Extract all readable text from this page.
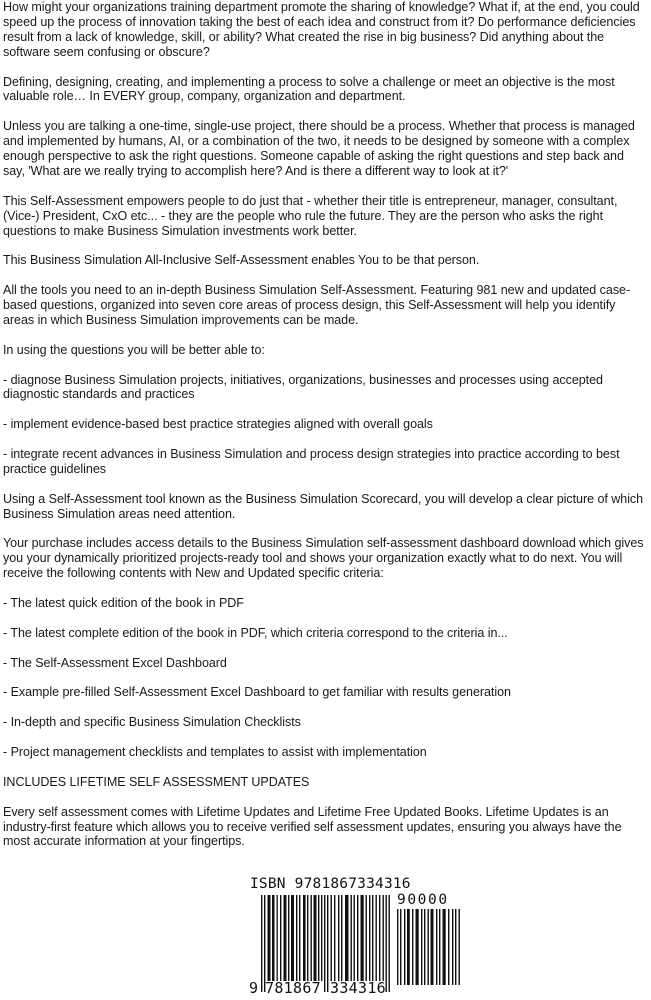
How might your organizations training department promote the sharing of knowledge? What if, at the end, you could speed up the process of innovation taking the best of each idea and construct from it? Do performance deficiencies result from a lack of knowledge, skill, or ability? What created the rise in big business? Did anything about the software seem confusing or obscure?

Defining, designing, creating, and implementing a process to solve a challenge or meet an objective is the most valuable role… In EVERY group, company, organization and department.

Unless you are talking a one-time, single-use project, there should be a process. Whether that process is managed and implemented by humans, AI, or a combination of the two, it needs to be designed by someone with a complex enough perspective to ask the right questions. Someone capable of asking the right questions and step back and say, 'What are we really trying to accomplish here? And is there a different way to look at it?'

This Self-Assessment empowers people to do just that - whether their title is entrepreneur, manager, consultant, (Vice-) President, CxO etc... - they are the people who rule the future. They are the person who asks the right questions to make Business Simulation investments work better.

This Business Simulation All-Inclusive Self-Assessment enables You to be that person.

All the tools you need to an in-depth Business Simulation Self-Assessment. Featuring 981 new and updated case-based questions, organized into seven core areas of process design, this Self-Assessment will help you identify areas in which Business Simulation improvements can be made.

In using the questions you will be better able to:

- diagnose Business Simulation projects, initiatives, organizations, businesses and processes using accepted diagnostic standards and practices

- implement evidence-based best practice strategies aligned with overall goals

- integrate recent advances in Business Simulation and process design strategies into practice according to best practice guidelines

Using a Self-Assessment tool known as the Business Simulation Scorecard, you will develop a clear picture of which Business Simulation areas need attention.

Your purchase includes access details to the Business Simulation self-assessment dashboard download which gives you your dynamically prioritized projects-ready tool and shows your organization exactly what to do next. You will receive the following contents with New and Updated specific criteria:

- The latest quick edition of the book in PDF

- The latest complete edition of the book in PDF, which criteria correspond to the criteria in...

- The Self-Assessment Excel Dashboard

- Example pre-filled Self-Assessment Excel Dashboard to get familiar with results generation

- In-depth and specific Business Simulation Checklists

- Project management checklists and templates to assist with implementation

INCLUDES LIFETIME SELF ASSESSMENT UPDATES

Every self assessment comes with Lifetime Updates and Lifetime Free Updated Books. Lifetime Updates is an industry-first feature which allows you to receive verified self assessment updates, ensuring you always have the most accurate information at your fingertips.

ISBN 9781867334316
90000
9 781867 334316
